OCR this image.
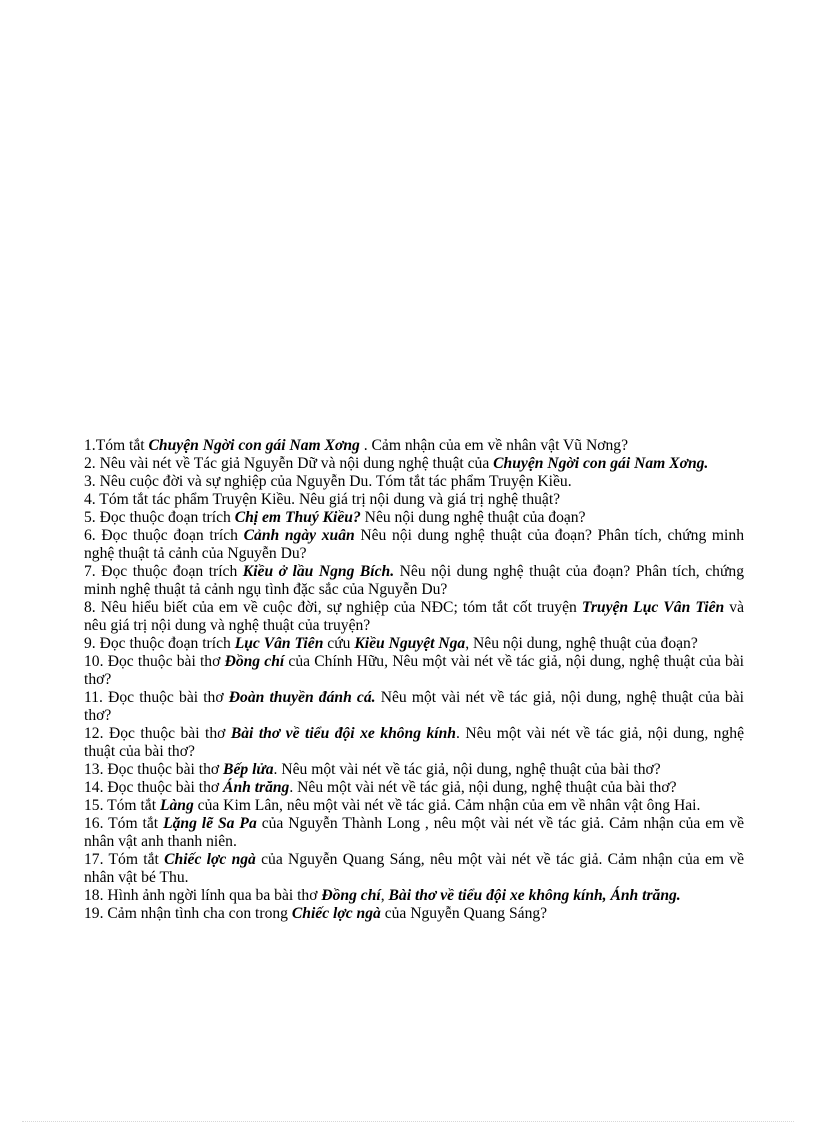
1.Tóm tắt Chuyện Ngời con gái Nam Xơng . Cảm nhận của em về nhân vật Vũ Nơng?

2. Nêu vài nét về Tác giả Nguyễn Dữ và nội dung nghệ thuật của Chuyện Ngời con gái Nam Xơng.

3. Nêu cuộc đời và sự nghiệp của Nguyễn Du. Tóm tắt tác phẩm Truyện Kiều.

4. Tóm tắt tác phẩm Truyện Kiều. Nêu giá trị nội dung và giá trị nghệ thuật?

5. Đọc thuộc đoạn trích Chị em Thuý Kiều? Nêu nội dung nghệ thuật của đoạn?

6. Đọc thuộc đoạn trích Cảnh ngày xuân Nêu nội dung nghệ thuật của đoạn? Phân tích, chứng minh nghệ thuật tả cảnh của Nguyễn Du?

7. Đọc thuộc đoạn trích Kiều ở lầu Ngng Bích. Nêu nội dung nghệ thuật của đoạn? Phân tích, chứng minh nghệ thuật tả cảnh ngụ tình đặc sắc của Nguyễn Du?

8. Nêu hiểu biết của em về cuộc đời, sự nghiệp của NĐC; tóm tắt cốt truyện Truyện Lục Vân Tiên và nêu giá trị nội dung và nghệ thuật của truyện?

9. Đọc thuộc đoạn trích Lục Vân Tiên cứu Kiều Nguyệt Nga, Nêu nội dung, nghệ thuật của đoạn?

10. Đọc thuộc bài thơ Đồng chí của Chính Hữu, Nêu một vài nét về tác giả, nội dung, nghệ thuật của bài thơ?

11. Đọc thuộc bài thơ Đoàn thuyền đánh cá. Nêu một vài nét về tác giả, nội dung, nghệ thuật của bài thơ?

12. Đọc thuộc bài thơ Bài thơ về tiểu đội xe không kính. Nêu một vài nét về tác giả, nội dung, nghệ thuật của bài thơ?

13. Đọc thuộc bài thơ Bếp lửa. Nêu một vài nét về tác giả, nội dung, nghệ thuật của bài thơ?

14. Đọc thuộc bài thơ Ánh trăng. Nêu một vài nét về tác giả, nội dung, nghệ thuật của bài thơ?

15. Tóm tắt Làng của Kim Lân, nêu một vài nét về tác giả. Cảm nhận của em về nhân vật ông Hai.

16. Tóm tắt Lặng lẽ Sa Pa của Nguyễn Thành Long , nêu một vài nét về tác giả. Cảm nhận của em về nhân vật anh thanh niên.

17. Tóm tắt Chiếc lợc ngà của Nguyễn Quang Sáng, nêu một vài nét về tác giả. Cảm nhận của em về nhân vật bé Thu.

18. Hình ảnh ngời lính qua ba bài thơ Đồng chí, Bài thơ về tiểu đội xe không kính, Ánh trăng.

19. Cảm nhận tình cha con trong Chiếc lợc ngà của Nguyễn Quang Sáng?
